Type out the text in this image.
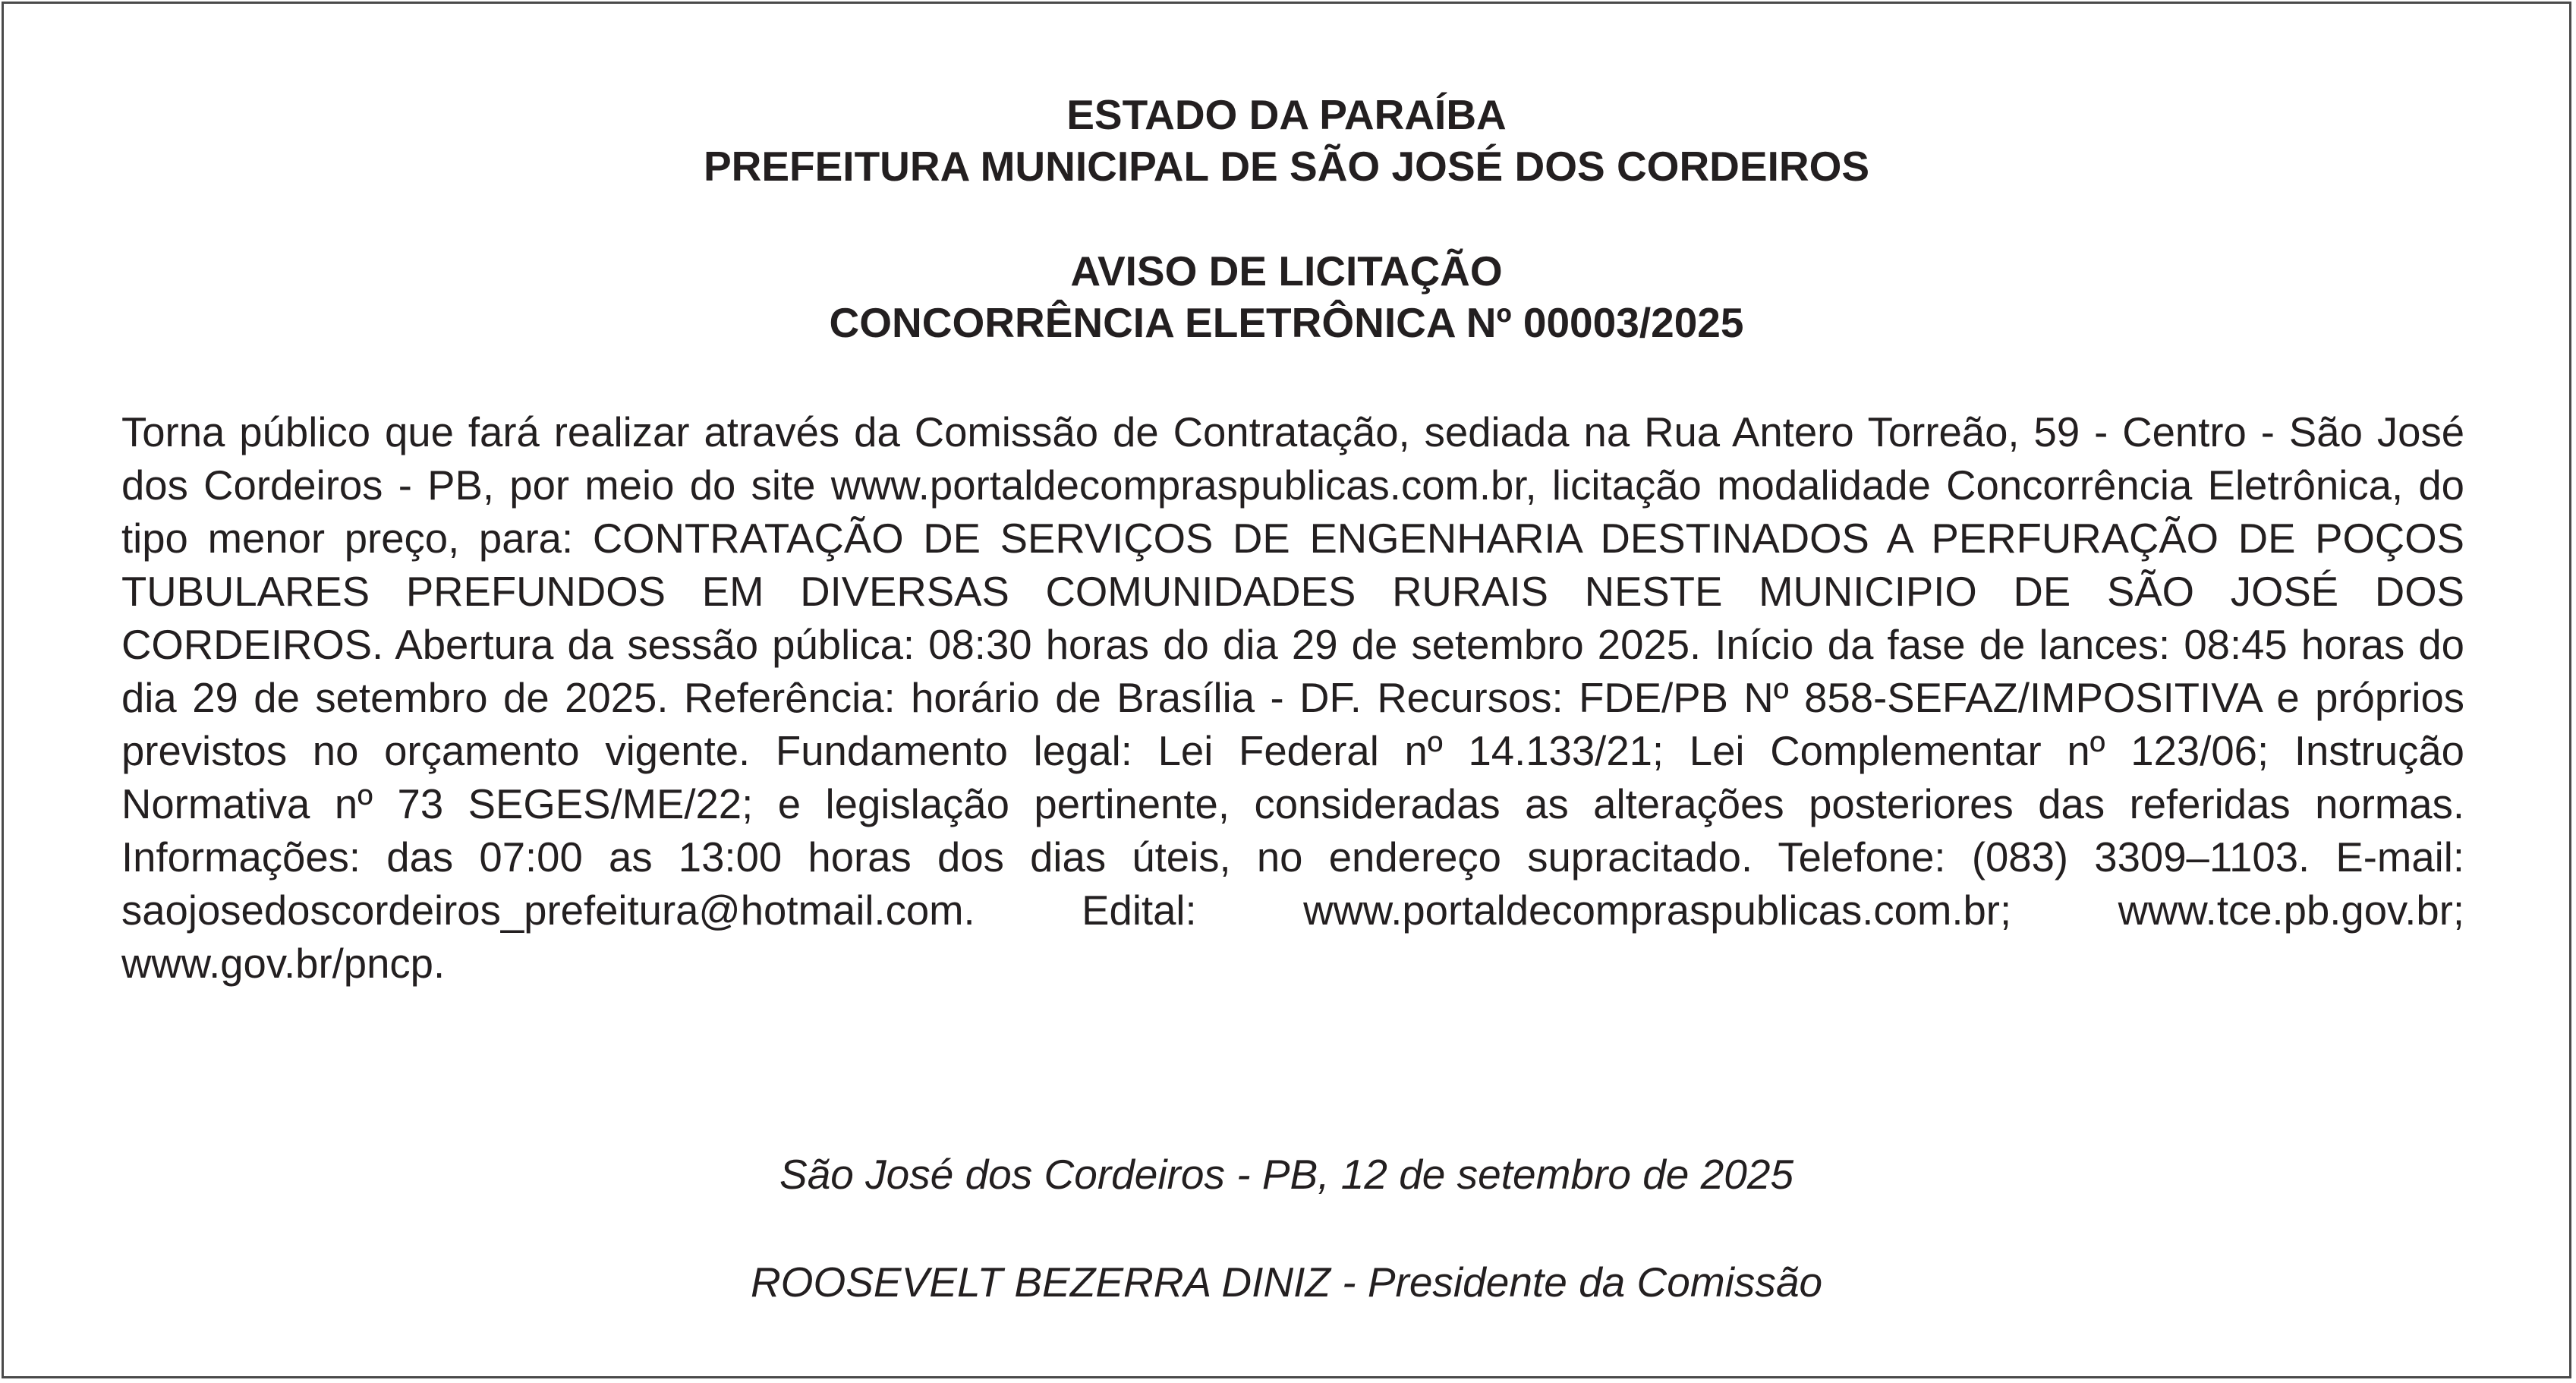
ESTADO DA PARAÍBA
PREFEITURA MUNICIPAL DE SÃO JOSÉ DOS CORDEIROS
AVISO DE LICITAÇÃO
CONCORRÊNCIA ELETRÔNICA Nº 00003/2025
Torna público que fará realizar através da Comissão de Contratação, sediada na Rua Antero Torreão, 59 - Centro - São José dos Cordeiros - PB, por meio do site www.portaldecompraspublicas.com.br, licitação modalidade Concorrência Eletrônica, do tipo menor preço, para: CONTRATAÇÃO DE SERVIÇOS DE ENGENHARIA DESTINADOS A PERFURAÇÃO DE POÇOS TUBULARES PREFUNDOS EM DIVERSAS COMUNIDADES RURAIS NESTE MUNICIPIO DE SÃO JOSÉ DOS CORDEIROS. Abertura da sessão pública: 08:30 horas do dia 29 de setembro 2025. Início da fase de lances: 08:45 horas do dia 29 de setembro de 2025. Referência: horário de Brasília - DF. Recursos: FDE/PB Nº 858-SEFAZ/IMPOSITIVA e próprios previstos no orçamento vigente. Fundamento legal: Lei Federal nº 14.133/21; Lei Complementar nº 123/06; Instrução Normativa nº 73 SEGES/ME/22; e legislação pertinente, consideradas as alterações posteriores das referidas normas. Informações: das 07:00 as 13:00 horas dos dias úteis, no endereço supracitado. Telefone: (083) 3309–1103. E-mail: saojosedoscordeiros_prefeitura@hotmail.com. Edital: www.portaldecompraspublicas.com.br; www.tce.pb.gov.br; www.gov.br/pncp.
São José dos Cordeiros - PB, 12 de setembro de 2025
ROOSEVELT BEZERRA DINIZ - Presidente da Comissão
